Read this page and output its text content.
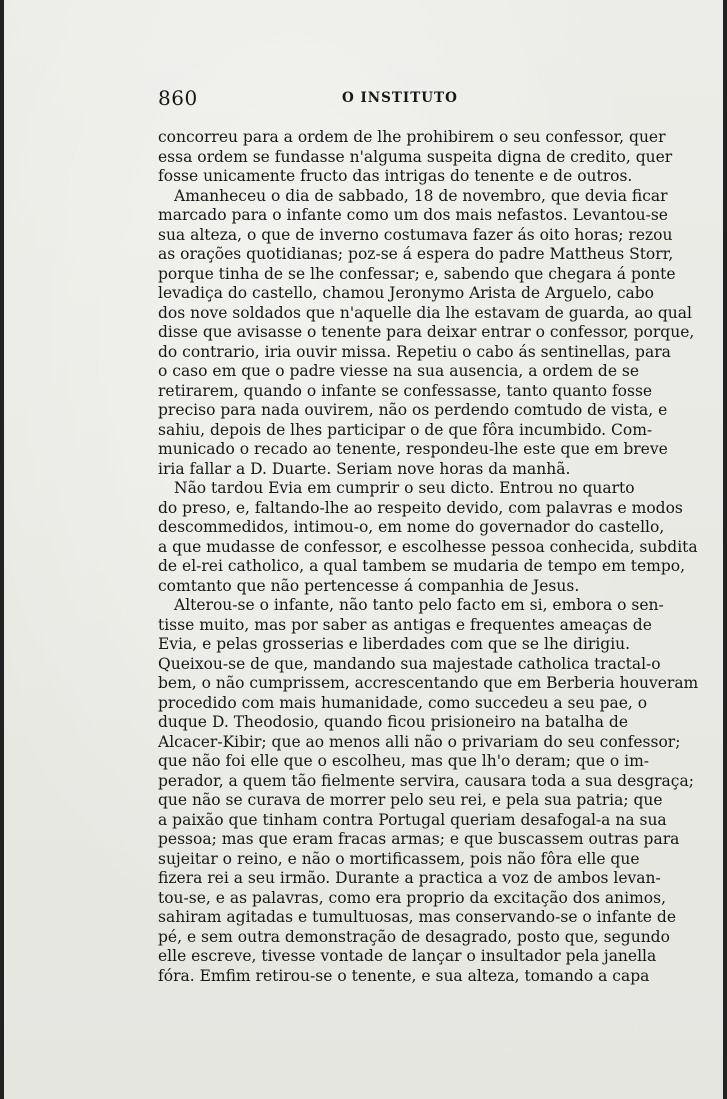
860	O INSTITUTO
concorreu para a ordem de lhe prohibirem o seu confessor, quer
essa ordem se fundasse n'alguma suspeita digna de credito, quer
fosse unicamente fructo das intrigas do tenente e de outros.
Amanheceu o dia de sabbado, 18 de novembro, que devia ficar
marcado para o infante como um dos mais nefastos. Levantou-se
sua alteza, o que de inverno costumava fazer ás oito horas; rezou
as orações quotidianas; poz-se á espera do padre Mattheus Storr,
porque tinha de se lhe confessar; e, sabendo que chegara á ponte
levadiça do castello, chamou Jeronymo Arista de Arguelo, cabo
dos nove soldados que n'aquelle dia lhe estavam de guarda, ao qual
disse que avisasse o tenente para deixar entrar o confessor, porque,
do contrario, iria ouvir missa. Repetiu o cabo ás sentinellas, para
o caso em que o padre viesse na sua ausencia, a ordem de se
retirarem, quando o infante se confessasse, tanto quanto fosse
preciso para nada ouvirem, não os perdendo comtudo de vista, e
sahiu, depois de lhes participar o de que fôra incumbido. Com-
municado o recado ao tenente, respondeu-lhe este que em breve
iria fallar a D. Duarte. Seriam nove horas da manhã.
Não tardou Evia em cumprir o seu dicto. Entrou no quarto
do preso, e, faltando-lhe ao respeito devido, com palavras e modos
descommedidos, intimou-o, em nome do governador do castello,
a que mudasse de confessor, e escolhesse pessoa conhecida, subdita
de el-rei catholico, a qual tambem se mudaria de tempo em tempo,
comtanto que não pertencesse á companhia de Jesus.
Alterou-se o infante, não tanto pelo facto em si, embora o sen-
tisse muito, mas por saber as antigas e frequentes ameaças de
Evia, e pelas grosserias e liberdades com que se lhe dirigiu.
Queixou-se de que, mandando sua majestade catholica tractal-o
bem, o não cumprissem, accrescentando que em Berberia houveram
procedido com mais humanidade, como succedeu a seu pae, o
duque D. Theodosio, quando ficou prisioneiro na batalha de
Alcacer-Kibir; que ao menos alli não o privariam do seu confessor;
que não foi elle que o escolheu, mas que lh'o deram; que o im-
perador, a quem tão fielmente servira, causara toda a sua desgraça;
que não se curava de morrer pelo seu rei, e pela sua patria; que
a paixão que tinham contra Portugal queriam desafogal-a na sua
pessoa; mas que eram fracas armas; e que buscassem outras para
sujeitar o reino, e não o mortificassem, pois não fôra elle que
fizera rei a seu irmão. Durante a practica a voz de ambos levan-
tou-se, e as palavras, como era proprio da excitação dos animos,
sahiram agitadas e tumultuosas, mas conservando-se o infante de
pé, e sem outra demonstração de desagrado, posto que, segundo
elle escreve, tivesse vontade de lançar o insultador pela janella
fóra. Emfim retirou-se o tenente, e sua alteza, tomando a capa
